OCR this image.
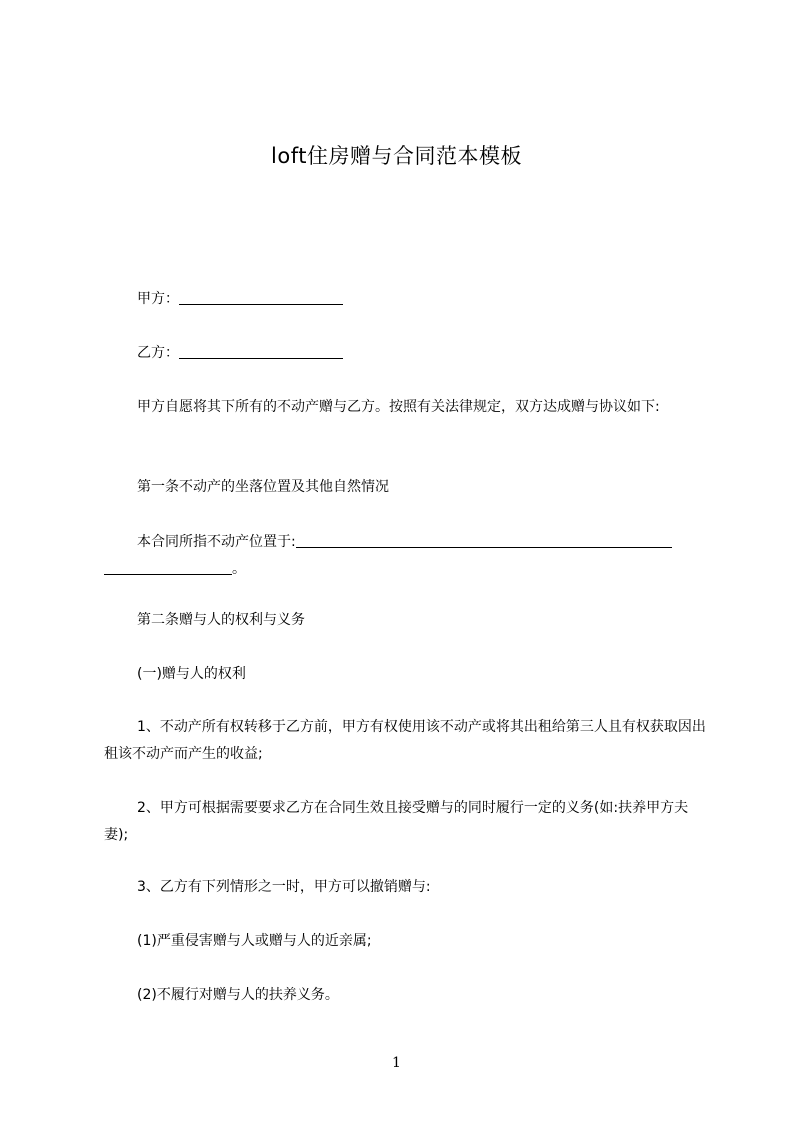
loft住房赠与合同范本模板

甲方：

乙方：

甲方自愿将其下所有的不动产赠与乙方。按照有关法律规定，双方达成赠与协议如下:

第一条不动产的坐落位置及其他自然情况

本合同所指不动产位置于:。

第二条赠与人的权利与义务

(一)赠与人的权利

1、不动产所有权转移于乙方前，甲方有权使用该不动产或将其出租给第三人且有权获取因出租该不动产而产生的收益;

2、甲方可根据需要要求乙方在合同生效且接受赠与的同时履行一定的义务(如:扶养甲方夫妻);

3、乙方有下列情形之一时，甲方可以撤销赠与:

(1)严重侵害赠与人或赠与人的近亲属;

(2)不履行对赠与人的扶养义务。

1
